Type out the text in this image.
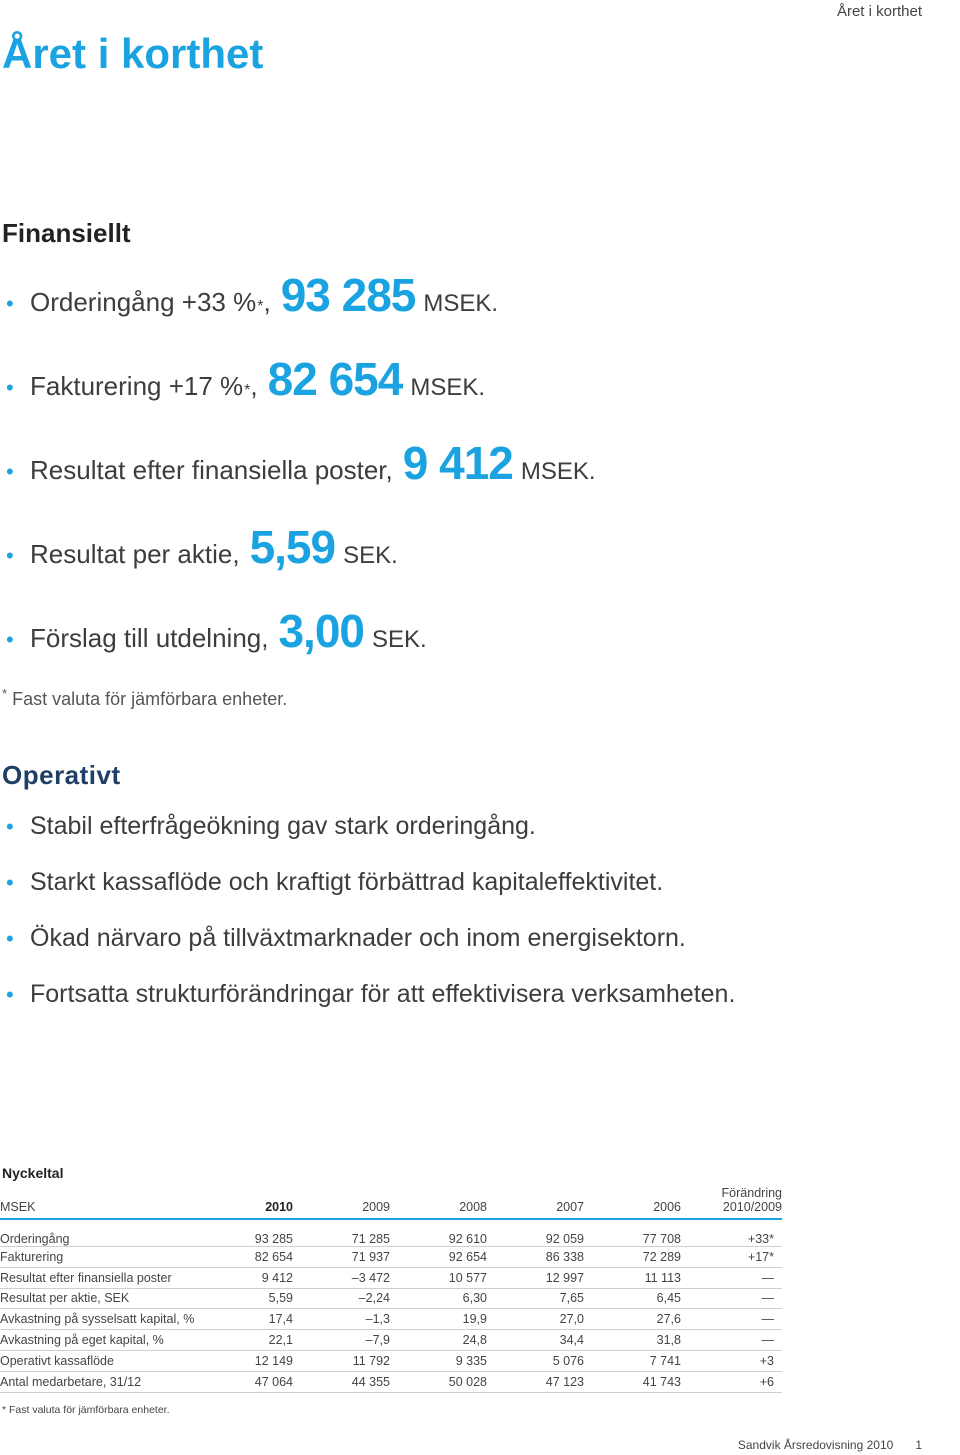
Året i korthet
Året i korthet
Finansiellt
• Orderingång +33 % * , 93 285 MSEK.
• Fakturering +17 % * , 82 654 MSEK.
• Resultat efter finansiella poster, 9 412 MSEK.
• Resultat per aktie, 5,59 SEK.
• Förslag till utdelning, 3,00 SEK.
* Fast valuta för jämförbara enheter.
Operativt
• Stabil efterfrågeökning gav stark orderingång.
• Starkt kassaflöde och kraftigt förbättrad kapitaleffektivitet.
• Ökad närvaro på tillväxtmarknader och inom energisektorn.
• Fortsatta strukturförändringar för att effektivisera verksamheten.
Nyckeltal
MSEK	2010	2009	2008	2007	2006	Förändring
2010/2009
Orderingång	93 285	71 285	92 610	92 059	77 708	+33*
Fakturering	82 654	71 937	92 654	86 338	72 289	+17*
Resultat efter finansiella poster	9 412	–3 472	10 577	12 997	11 113	—
Resultat per aktie, SEK	5,59	–2,24	6,30	7,65	6,45	—
Avkastning på sysselsatt kapital, %	17,4	–1,3	19,9	27,0	27,6	—
Avkastning på eget kapital, %	22,1	–7,9	24,8	34,4	31,8	—
Operativt kassaflöde	12 149	11 792	9 335	5 076	7 741	+3
Antal medarbetare, 31/12	47 064	44 355	50 028	47 123	41 743	+6
* Fast valuta för jämförbara enheter.
Sandvik Årsredovisning 2010 1
